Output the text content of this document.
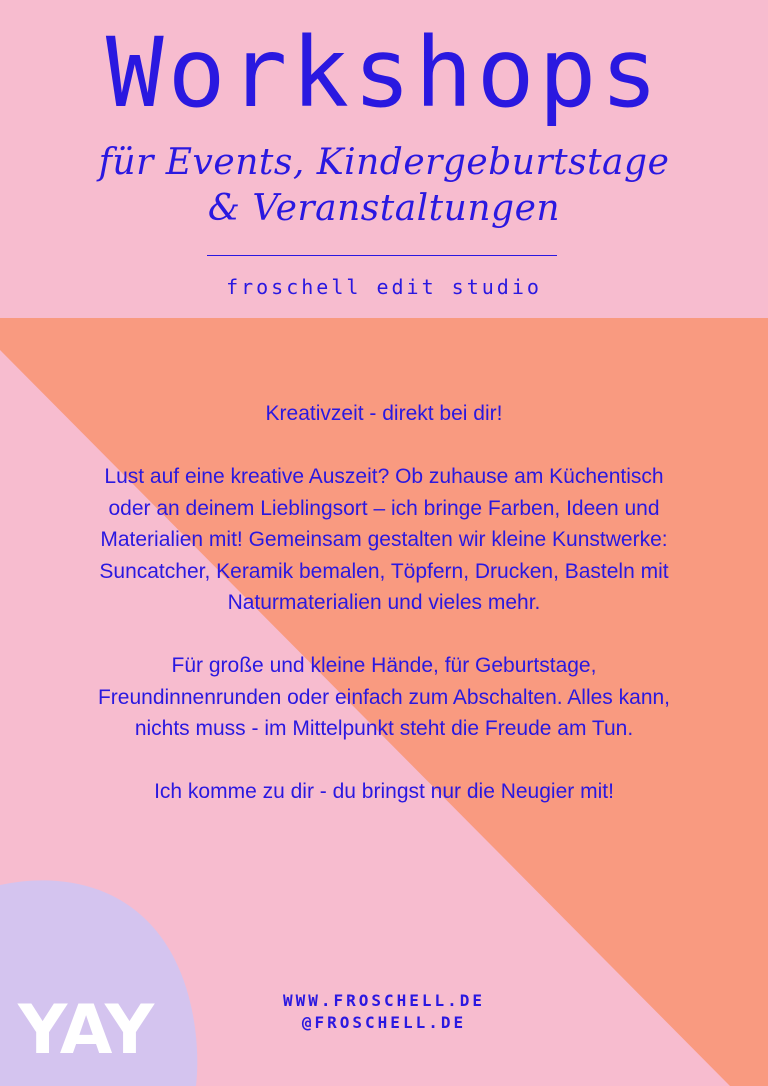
Workshops
für Events, Kindergeburtstage & Veranstaltungen
froschell edit studio

Kreativzeit - direkt bei dir!

Lust auf eine kreative Auszeit? Ob zuhause am Küchentisch oder an deinem Lieblingsort – ich bringe Farben, Ideen und Materialien mit! Gemeinsam gestalten wir kleine Kunstwerke: Suncatcher, Keramik bemalen, Töpfern, Drucken, Basteln mit Naturmaterialien und vieles mehr.

Für große und kleine Hände, für Geburtstage, Freundinnenrunden oder einfach zum Abschalten. Alles kann, nichts muss - im Mittelpunkt steht die Freude am Tun.

Ich komme zu dir - du bringst nur die Neugier mit!

WWW.FROSCHELL.DE
@FROSCHELL.DE
YAY
